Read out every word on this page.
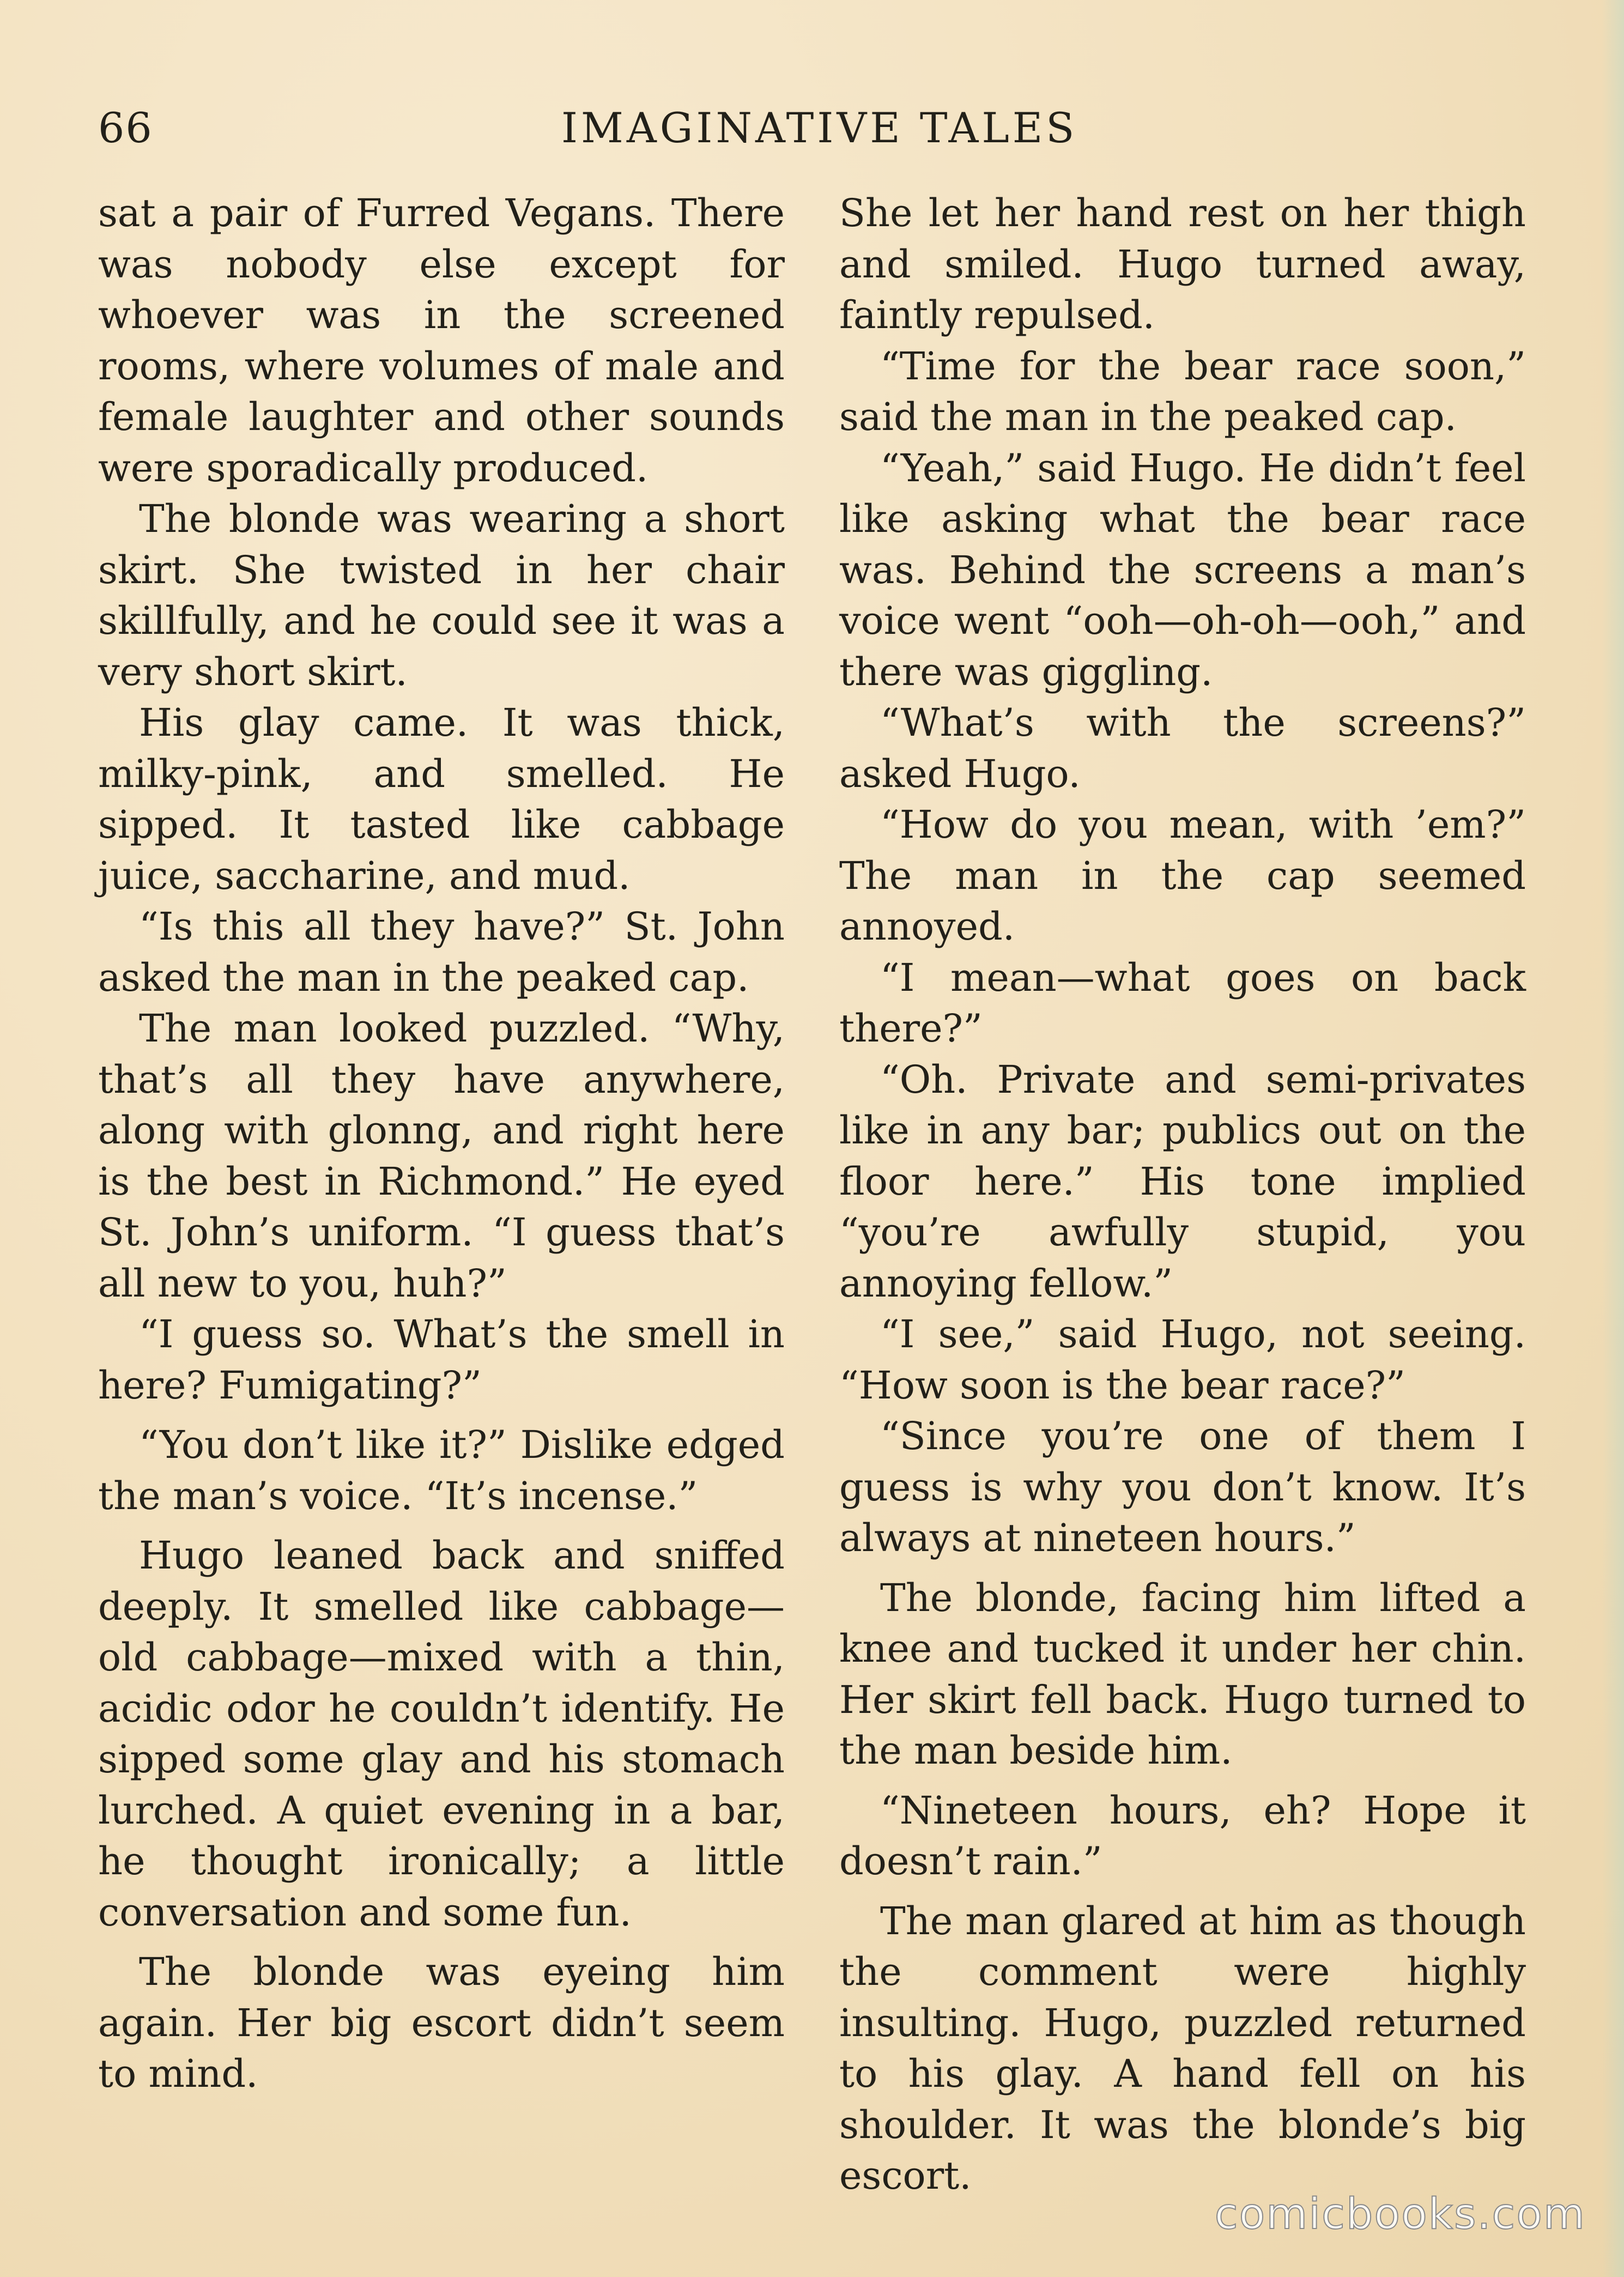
66	IMAGINATIVE TALES

sat a pair of Furred Vegans. There was nobody else except for whoever was in the screened rooms, where volumes of male and female laughter and other sounds were sporadically produced.

The blonde was wearing a short skirt. She twisted in her chair skillfully, and he could see it was a very short skirt.

His glay came. It was thick, milky-pink, and smelled. He sipped. It tasted like cabbage juice, saccharine, and mud.

“Is this all they have?” St. John asked the man in the peaked cap.

The man looked puzzled. “Why, that’s all they have anywhere, along with glonng, and right here is the best in Richmond.” He eyed St. John’s uniform. “I guess that’s all new to you, huh?”

“I guess so. What’s the smell in here? Fumigating?”

“You don’t like it?” Dislike edged the man’s voice. “It’s incense.”

Hugo leaned back and sniffed deeply. It smelled like cabbage— old cabbage—mixed with a thin, acidic odor he couldn’t identify. He sipped some glay and his stomach lurched. A quiet evening in a bar, he thought ironically; a little conversation and some fun.

The blonde was eyeing him again. Her big escort didn’t seem to mind.

She let her hand rest on her thigh and smiled. Hugo turned away, faintly repulsed.

“Time for the bear race soon,” said the man in the peaked cap.

“Yeah,” said Hugo. He didn’t feel like asking what the bear race was. Behind the screens a man’s voice went “ooh—oh-oh—ooh,” and there was giggling.

“What’s with the screens?” asked Hugo.

“How do you mean, with ’em?” The man in the cap seemed annoyed.

“I mean—what goes on back there?”

“Oh. Private and semi-privates like in any bar; publics out on the floor here.” His tone implied “you’re awfully stupid, you annoying fellow.”

“I see,” said Hugo, not seeing. “How soon is the bear race?”

“Since you’re one of them I guess is why you don’t know. It’s always at nineteen hours.”

The blonde, facing him lifted a knee and tucked it under her chin. Her skirt fell back. Hugo turned to the man beside him.

“Nineteen hours, eh? Hope it doesn’t rain.”

The man glared at him as though the comment were highly insulting. Hugo, puzzled returned to his glay. A hand fell on his shoulder. It was the blonde’s big escort.

comicbooks.com
